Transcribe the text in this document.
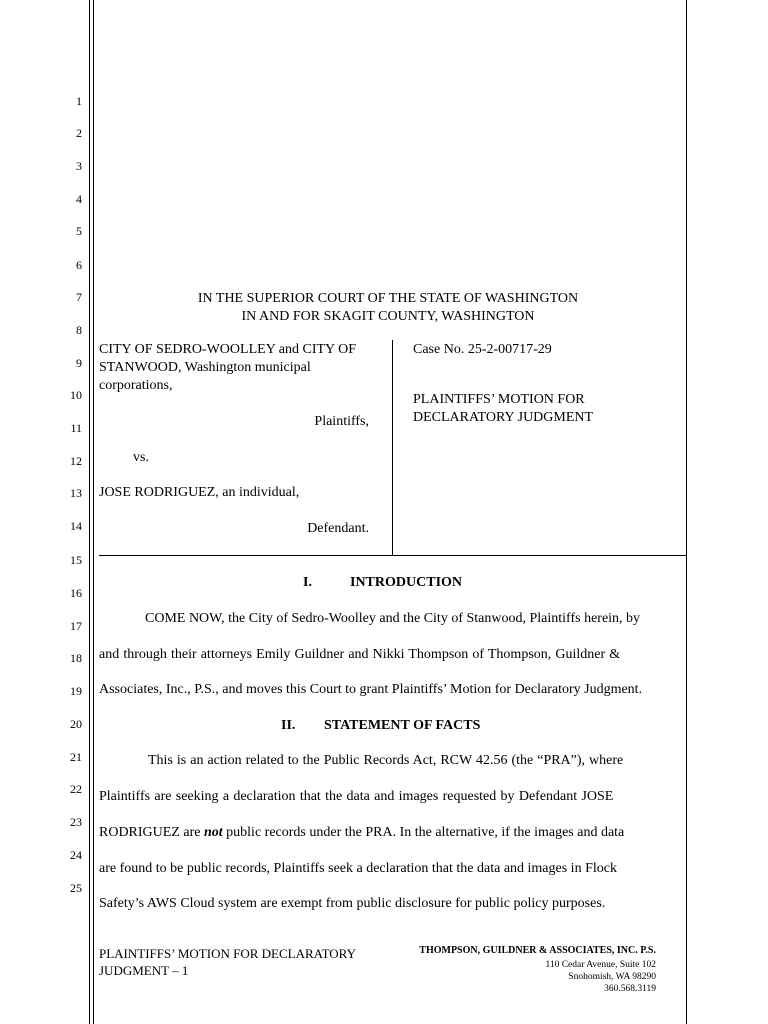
1
2
3
4
5
6
7
8
9
10
11
12
13
14
15
16
17
18
19
20
21
22
23
24
25
IN THE SUPERIOR COURT OF THE STATE OF WASHINGTON
IN AND FOR SKAGIT COUNTY, WASHINGTON
CITY OF SEDRO-WOOLLEY and CITY OF
STANWOOD, Washington municipal
corporations,
Plaintiffs,
vs.
JOSE RODRIGUEZ, an individual,
Defendant.
Case No. 25-2-00717-29
PLAINTIFFS’ MOTION FOR
DECLARATORY JUDGMENT
I.	INTRODUCTION
COME NOW, the City of Sedro-Woolley and the City of Stanwood, Plaintiffs herein, by
and through their attorneys Emily Guildner and Nikki Thompson of Thompson, Guildner &
Associates, Inc., P.S., and moves this Court to grant Plaintiffs’ Motion for Declaratory Judgment.
II. STATEMENT OF FACTS
This is an action related to the Public Records Act, RCW 42.56 (the “PRA”), where
Plaintiffs are seeking a declaration that the data and images requested by Defendant JOSE
RODRIGUEZ are not public records under the PRA. In the alternative, if the images and data
are found to be public records, Plaintiffs seek a declaration that the data and images in Flock
Safety’s AWS Cloud system are exempt from public disclosure for public policy purposes.
PLAINTIFFS’ MOTION FOR DECLARATORY
JUDGMENT – 1
THOMPSON, GUILDNER & ASSOCIATES, INC. P.S.
110 Cedar Avenue, Suite 102
Snohomish, WA 98290
360.568.3119
